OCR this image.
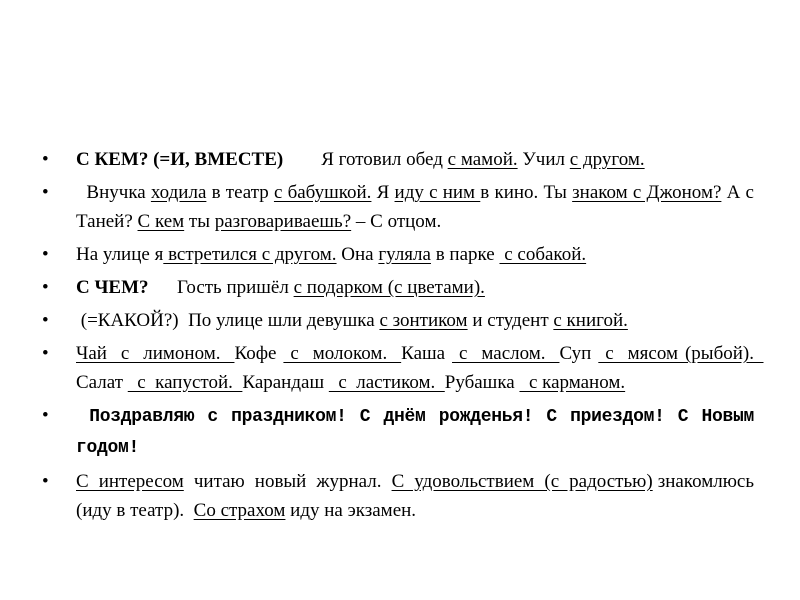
• С КЕМ? (=И, ВМЕСТЕ) Я готовил обед с мамой. Учил с другом.
•   Внучка ходила в театр с бабушкой. Я иду с ним в кино. Ты знаком с Джоном? А с Таней? С кем ты разговариваешь? – С отцом.
• На улице я встретился с другом. Она гуляла в парке  с собакой.
• С ЧЕМ?      Гость пришёл с подарком (с цветами).
•  (=КАКОЙ?)  По улице шли девушка с зонтиком и студент с книгой.
• Чай  с  лимоном.  Кофе  с  молоком.  Каша  с  маслом.  Суп  с  мясом (рыбой).  Салат   с  капустой.  Карандаш   с  ластиком.  Рубашка   с карманом.
•  Поздравляю с праздником! С днём рожденья! С приездом! С Новым годом!
• С  интересом  читаю  новый  журнал.  С  удовольствием  (с  радостью) знакомлюсь (иду в театр).  Со страхом иду на экзамен.
